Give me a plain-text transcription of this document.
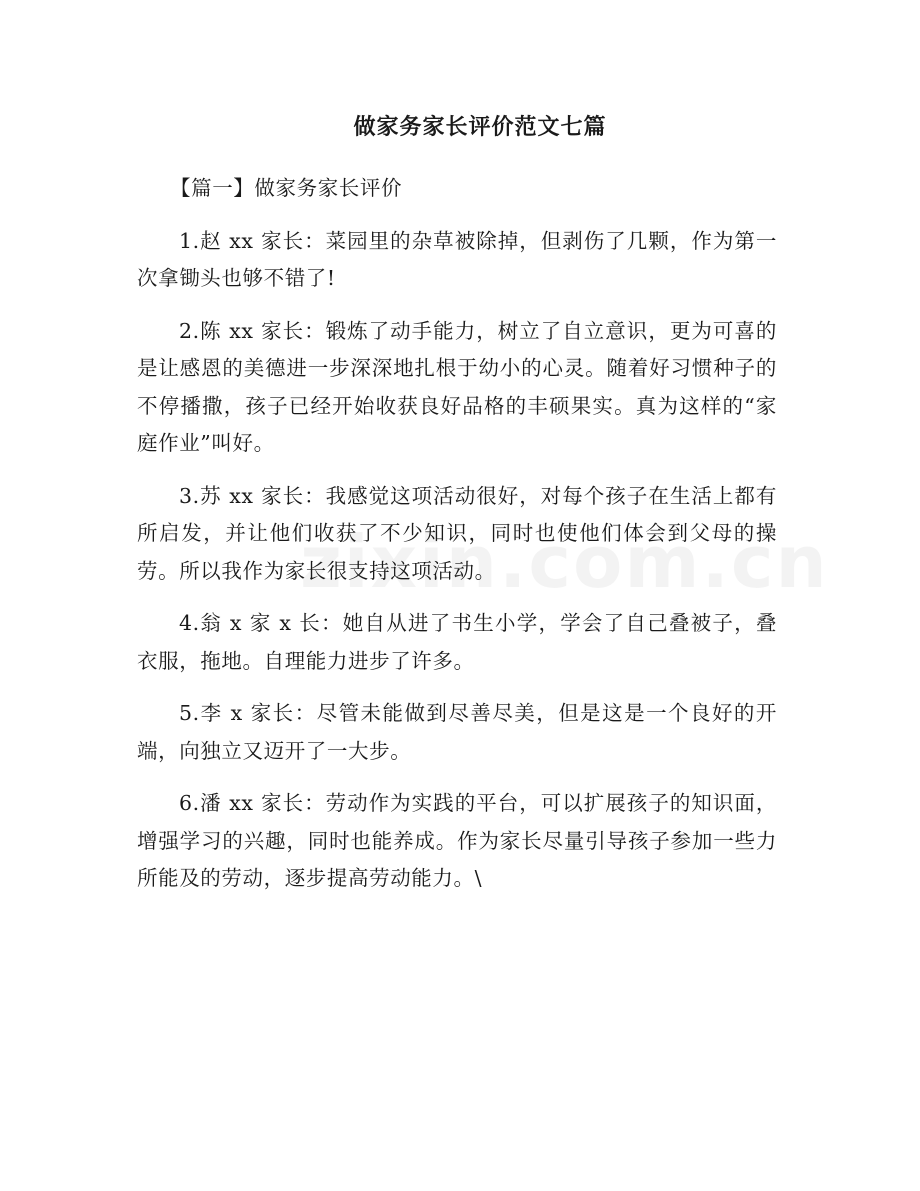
做家务家长评价范文七篇

【篇一】做家务家长评价

1.赵 xx 家长：菜园里的杂草被除掉，但剥伤了几颗，作为第一次拿锄头也够不错了!

2.陈 xx 家长：锻炼了动手能力，树立了自立意识，更为可喜的是让感恩的美德进一步深深地扎根于幼小的心灵。随着好习惯种子的不停播撒，孩子已经开始收获良好品格的丰硕果实。真为这样的“家庭作业”叫好。

3.苏 xx 家长：我感觉这项活动很好，对每个孩子在生活上都有所启发，并让他们收获了不少知识，同时也使他们体会到父母的操劳。所以我作为家长很支持这项活动。

4.翁 x 家 x 长：她自从进了书生小学，学会了自己叠被子，叠衣服，拖地。自理能力进步了许多。

5.李 x 家长：尽管未能做到尽善尽美，但是这是一个良好的开端，向独立又迈开了一大步。

6.潘 xx 家长：劳动作为实践的平台，可以扩展孩子的知识面，增强学习的兴趣，同时也能养成。作为家长尽量引导孩子参加一些力所能及的劳动，逐步提高劳动能力。\
